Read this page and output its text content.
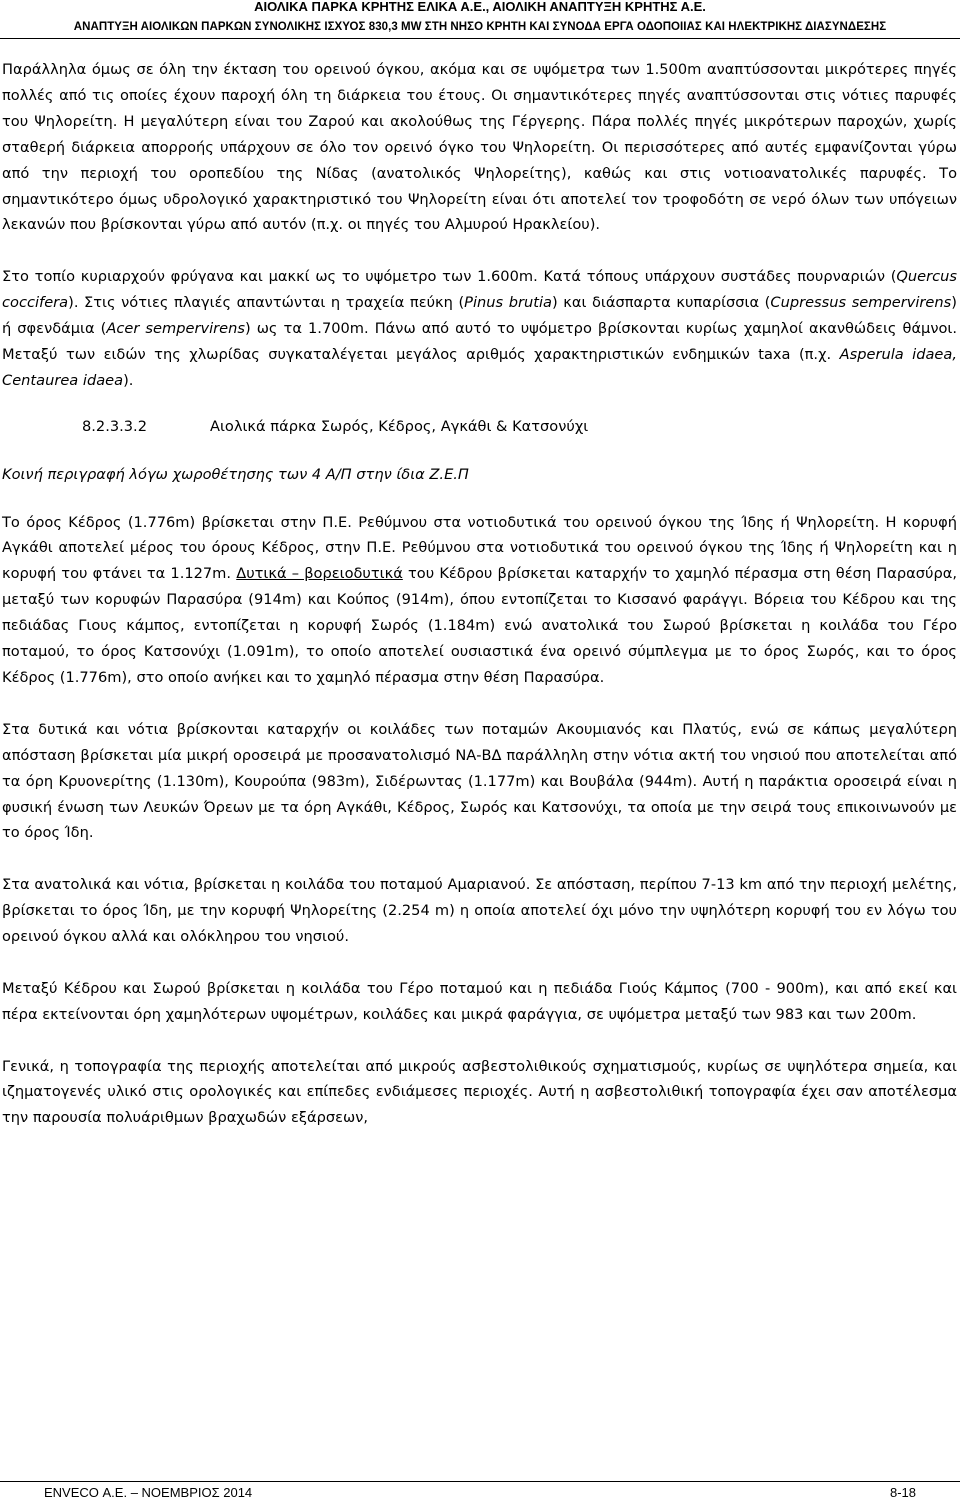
ΑΙΟΛΙΚΑ ΠΑΡΚΑ ΚΡΗΤΗΣ ΕΛΙΚΑ Α.Ε., ΑΙΟΛΙΚΗ ΑΝΑΠΤΥΞΗ ΚΡΗΤΗΣ Α.Ε.
ΑΝΑΠΤΥΞΗ ΑΙΟΛΙΚΩΝ ΠΑΡΚΩΝ ΣΥΝΟΛΙΚΗΣ ΙΣΧΥΟΣ 830,3 MW ΣΤΗ ΝΗΣΟ ΚΡΗΤΗ ΚΑΙ ΣΥΝΟΔΑ ΕΡΓΑ ΟΔΟΠΟΙΙΑΣ ΚΑΙ ΗΛΕΚΤΡΙΚΗΣ ΔΙΑΣΥΝΔΕΣΗΣ

Παράλληλα όμως σε όλη την έκταση του ορεινού όγκου, ακόμα και σε υψόμετρα των 1.500m αναπτύσσονται μικρότερες πηγές πολλές από τις οποίες έχουν παροχή όλη τη διάρκεια του έτους. Οι σημαντικότερες πηγές αναπτύσσονται στις νότιες παρυφές του Ψηλορείτη. Η μεγαλύτερη είναι του Ζαρού και ακολούθως της Γέργερης. Πάρα πολλές πηγές μικρότερων παροχών, χωρίς σταθερή διάρκεια απορροής υπάρχουν σε όλο τον ορεινό όγκο του Ψηλορείτη. Οι περισσότερες από αυτές εμφανίζονται γύρω από την περιοχή του οροπεδίου της Νίδας (ανατολικός Ψηλορείτης), καθώς και στις νοτιοανατολικές παρυφές. Το σημαντικότερο όμως υδρολογικό χαρακτηριστικό του Ψηλορείτη είναι ότι αποτελεί τον τροφοδότη σε νερό όλων των υπόγειων λεκανών που βρίσκονται γύρω από αυτόν (π.χ. οι πηγές του Αλμυρού Ηρακλείου).

Στο τοπίο κυριαρχούν φρύγανα και μακκί ως το υψόμετρο των 1.600m. Κατά τόπους υπάρχουν συστάδες πουρναριών (Quercus coccifera). Στις νότιες πλαγιές απαντώνται η τραχεία πεύκη (Pinus brutia) και διάσπαρτα κυπαρίσσια (Cupressus sempervirens) ή σφενδάμια (Acer sempervirens) ως τα 1.700m. Πάνω από αυτό το υψόμετρο βρίσκονται κυρίως χαμηλοί ακανθώδεις θάμνοι. Μεταξύ των ειδών της χλωρίδας συγκαταλέγεται μεγάλος αριθμός χαρακτηριστικών ενδημικών taxa (π.χ. Asperula idaea, Centaurea idaea).

8.2.3.3.2	Αιολικά πάρκα Σωρός, Κέδρος, Αγκάθι & Κατσονύχι
Κοινή περιγραφή λόγω χωροθέτησης των 4 Α/Π στην ίδια Ζ.Ε.Π

Το όρος Κέδρος (1.776m) βρίσκεται στην Π.Ε. Ρεθύμνου στα νοτιοδυτικά του ορεινού όγκου της Ίδης ή Ψηλορείτη. Η κορυφή Αγκάθι αποτελεί μέρος του όρους Κέδρος, στην Π.Ε. Ρεθύμνου στα νοτιοδυτικά του ορεινού όγκου της Ίδης ή Ψηλορείτη και η κορυφή του φτάνει τα 1.127m. Δυτικά – βορειοδυτικά του Κέδρου βρίσκεται καταρχήν το χαμηλό πέρασμα στη θέση Παρασύρα, μεταξύ των κορυφών Παρασύρα (914m) και Κούπος (914m), όπου εντοπίζεται το Κισσανό φαράγγι. Βόρεια του Κέδρου και της πεδιάδας Γιους κάμπος, εντοπίζεται η κορυφή Σωρός (1.184m) ενώ ανατολικά του Σωρού βρίσκεται η κοιλάδα του Γέρο ποταμού, το όρος Κατσονύχι (1.091m), το οποίο αποτελεί ουσιαστικά ένα ορεινό σύμπλεγμα με το όρος Σωρός, και το όρος Κέδρος (1.776m), στο οποίο ανήκει και το χαμηλό πέρασμα στην θέση Παρασύρα.

Στα δυτικά και νότια βρίσκονται καταρχήν οι κοιλάδες των ποταμών Ακουμιανός και Πλατύς, ενώ σε κάπως μεγαλύτερη απόσταση βρίσκεται μία μικρή οροσειρά με προσανατολισμό ΝΑ-ΒΔ παράλληλη στην νότια ακτή του νησιού που αποτελείται από τα όρη Κρυονερίτης (1.130m), Κουρούπα (983m), Σιδέρωντας (1.177m) και Βουβάλα (944m). Αυτή η παράκτια οροσειρά είναι η φυσική ένωση των Λευκών Όρεων με τα όρη Αγκάθι, Κέδρος, Σωρός και Κατσονύχι, τα οποία με την σειρά τους επικοινωνούν με το όρος Ίδη.

Στα ανατολικά και νότια, βρίσκεται η κοιλάδα του ποταμού Αμαριανού. Σε απόσταση, περίπου 7-13 km από την περιοχή μελέτης, βρίσκεται το όρος Ίδη, με την κορυφή Ψηλορείτης (2.254 m) η οποία αποτελεί όχι μόνο την υψηλότερη κορυφή του εν λόγω του ορεινού όγκου αλλά και ολόκληρου του νησιού.

Μεταξύ Κέδρου και Σωρού βρίσκεται η κοιλάδα του Γέρο ποταμού και η πεδιάδα Γιούς Κάμπος (700 - 900m), και από εκεί και πέρα εκτείνονται όρη χαμηλότερων υψομέτρων, κοιλάδες και μικρά φαράγγια, σε υψόμετρα μεταξύ των 983 και των 200m.

Γενικά, η τοπογραφία της περιοχής αποτελείται από μικρούς ασβεστολιθικούς σχηματισμούς, κυρίως σε υψηλότερα σημεία, και ιζηματογενές υλικό στις ορολογικές και επίπεδες ενδιάμεσες περιοχές. Αυτή η ασβεστολιθική τοπογραφία έχει σαν αποτέλεσμα την παρουσία πολυάριθμων βραχωδών εξάρσεων,

ENVECO Α.Ε. – ΝΟΕΜΒΡΙΟΣ 2014	8-18
